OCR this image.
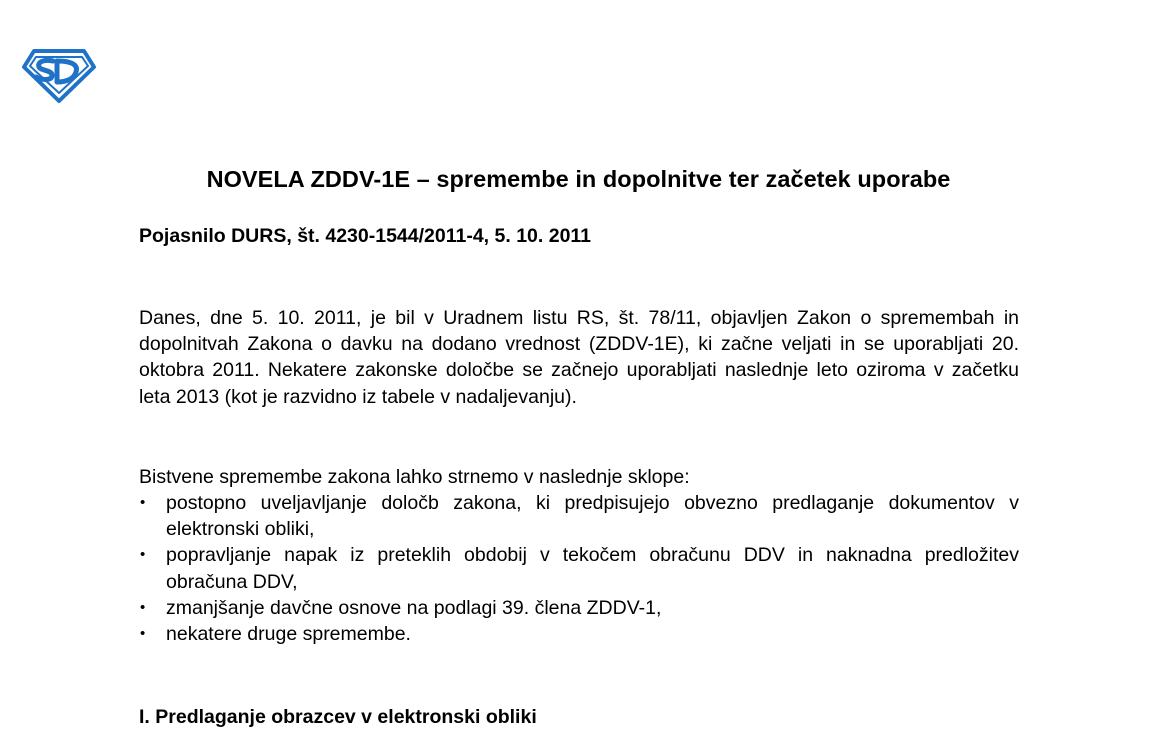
NOVELA ZDDV-1E – spremembe in dopolnitve ter začetek uporabe
Pojasnilo DURS, št. 4230-1544/2011-4, 5. 10. 2011

Danes, dne 5. 10. 2011, je bil v Uradnem listu RS, št. 78/11, objavljen Zakon o spremembah in dopolnitvah Zakona o davku na dodano vrednost (ZDDV-1E), ki začne veljati in se uporabljati 20. oktobra 2011. Nekatere zakonske določbe se začnejo uporabljati naslednje leto oziroma v začetku leta 2013 (kot je razvidno iz tabele v nadaljevanju).

Bistvene spremembe zakona lahko strnemo v naslednje sklope:

• postopno uveljavljanje določb zakona, ki predpisujejo obvezno predlaganje dokumentov v elektronski obliki,
• popravljanje napak iz preteklih obdobij v tekočem obračunu DDV in naknadna predložitev obračuna DDV,
• zmanjšanje davčne osnove na podlagi 39. člena ZDDV-1,
• nekatere druge spremembe.
I. Predlaganje obrazcev v elektronski obliki
